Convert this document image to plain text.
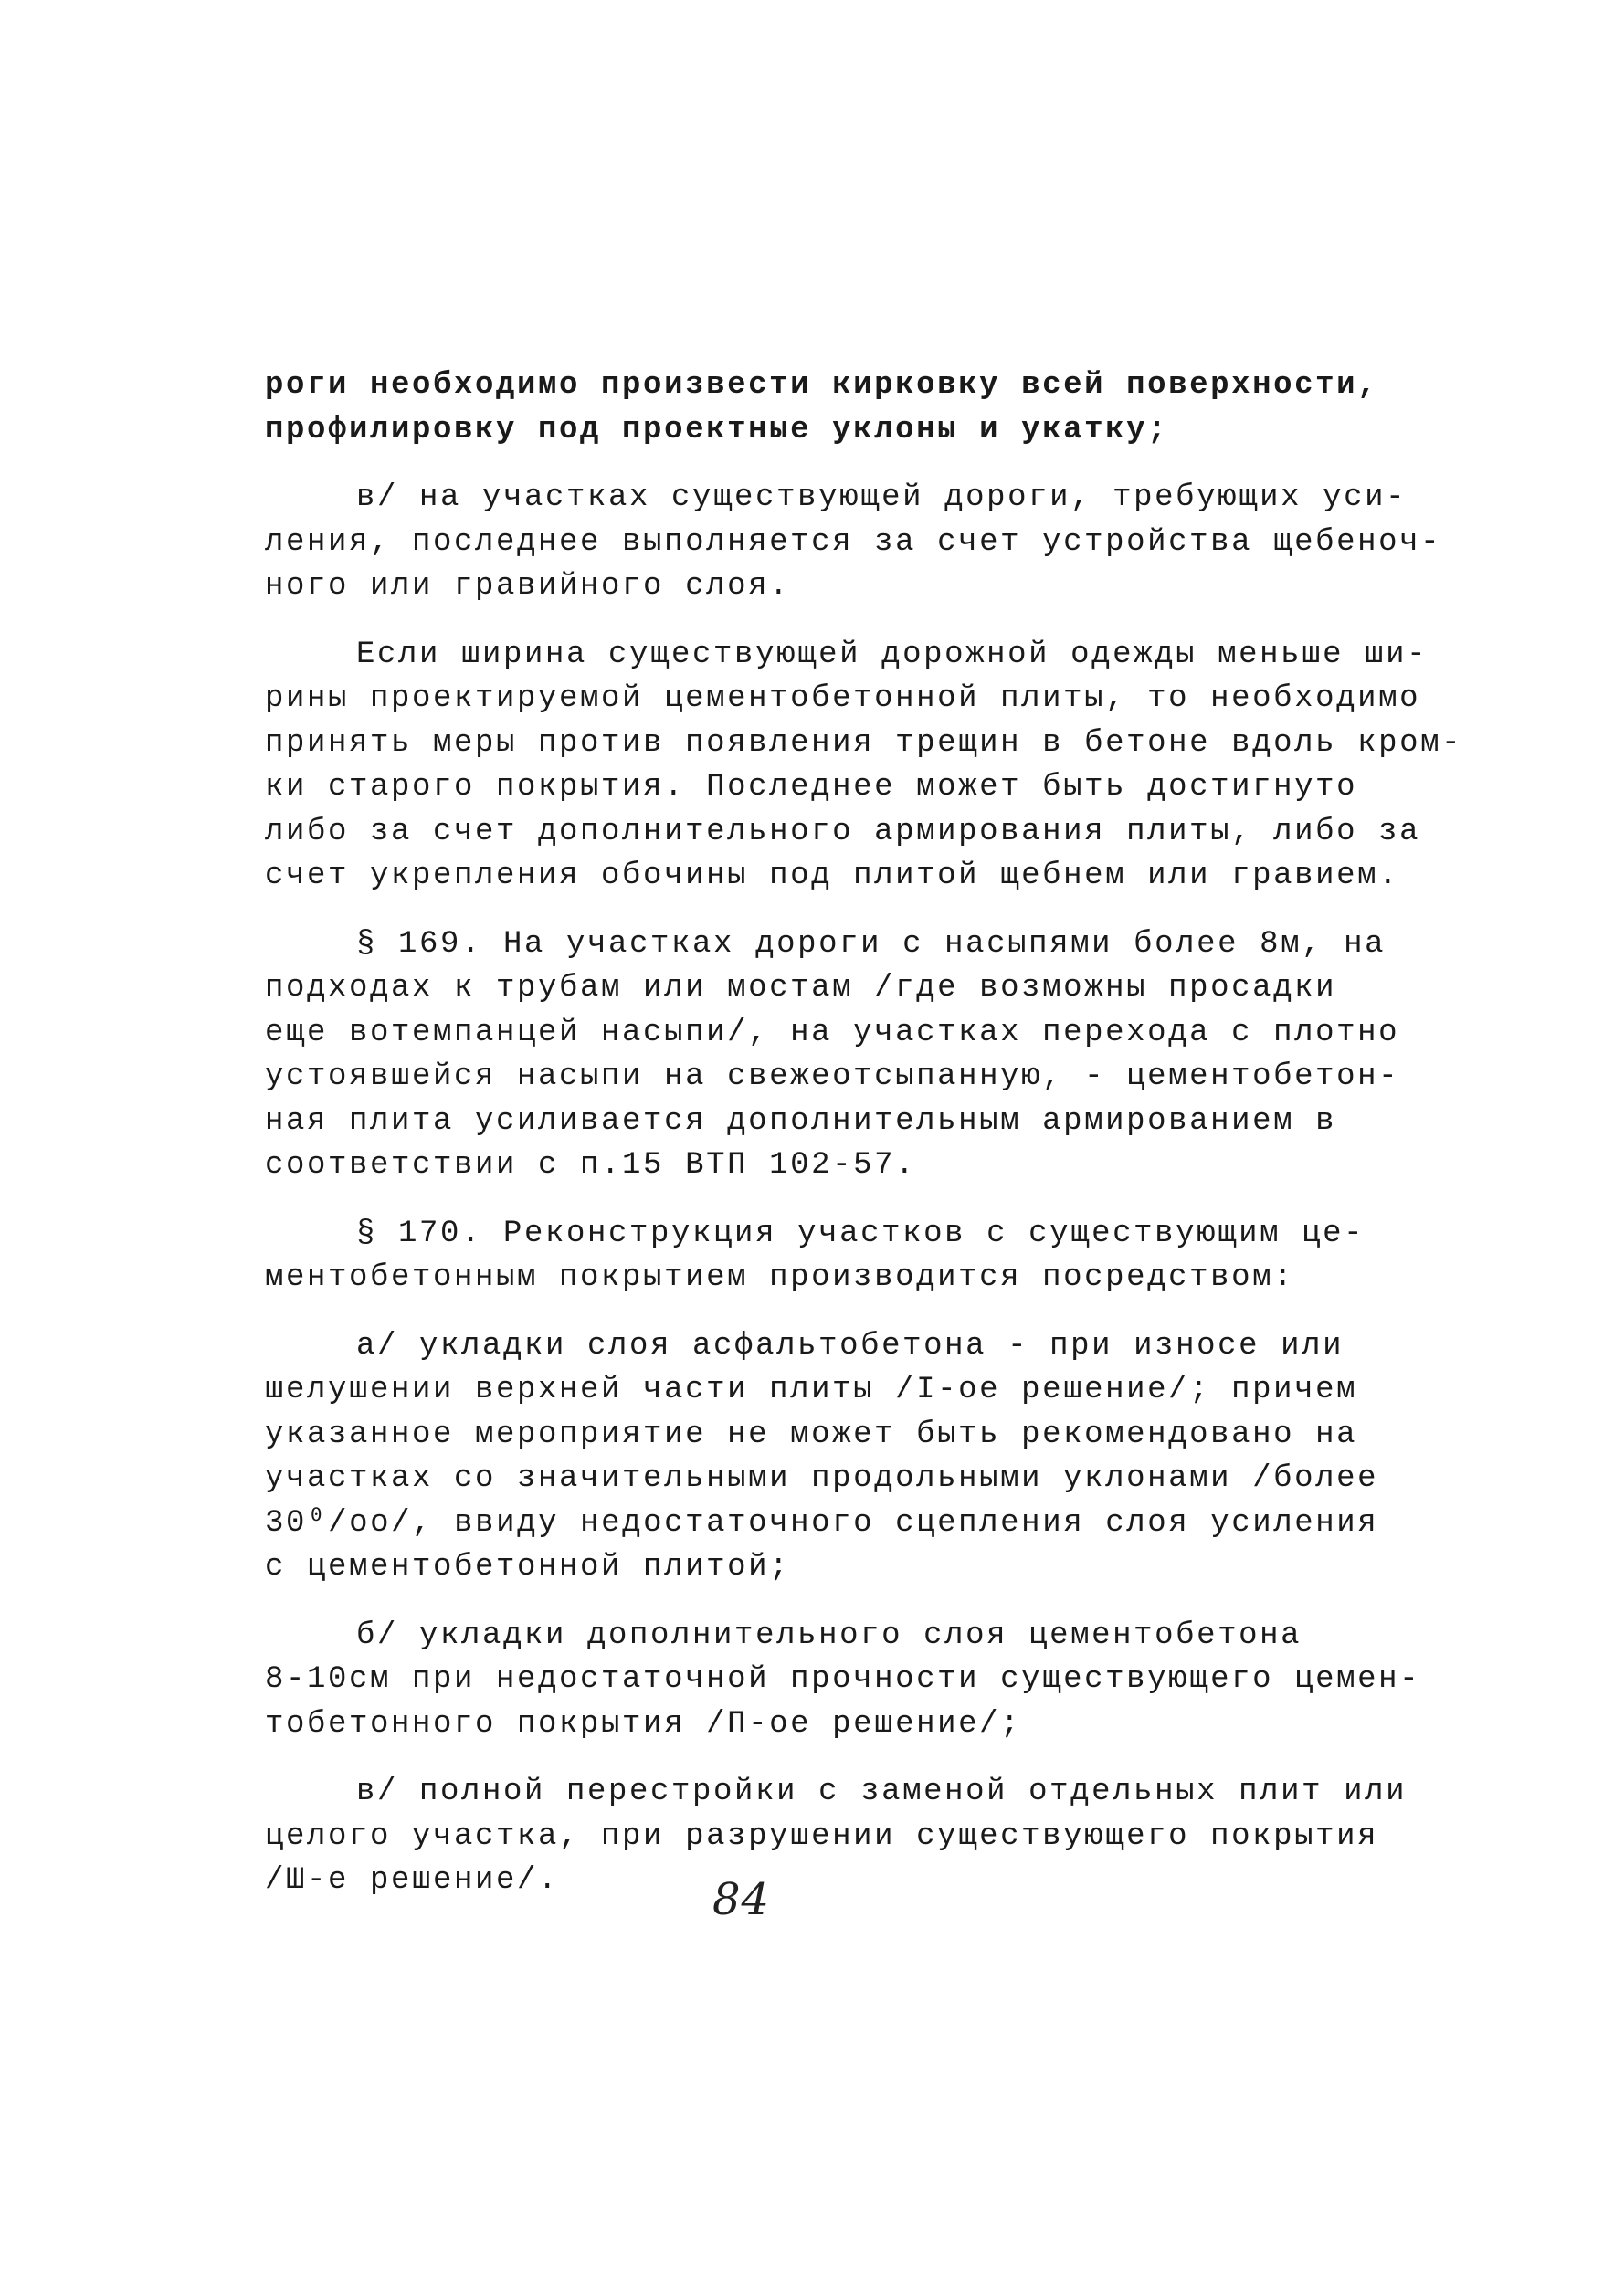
роги необходимо произвести кирковку всей поверхности,
профилировку под проектные уклоны и укатку;
в/ на участках существующей дороги, требующих уси-
ления, последнее выполняется за счет устройства щебеноч-
ного или гравийного слоя.
Если ширина существующей дорожной одежды меньше ши-
рины проектируемой цементобетонной плиты, то необходимо
принять меры против появления трещин в бетоне вдоль кром-
ки старого покрытия. Последнее может быть достигнуто
либо за счет дополнительного армирования плиты, либо за
счет укрепления обочины под плитой щебнем или гравием.
§ 169. На участках дороги с насыпями более 8м, на
подходах к трубам или мостам /где возможны просадки
еще вотемпанцей насыпи/, на участках перехода с плотно
устоявшейся насыпи на свежеотсыпанную, - цементобетон-
ная плита усиливается дополнительным армированием в
соответствии с п.15 ВТП 102-57.
§ 170. Реконструкция участков с существующим це-
ментобетонным покрытием производится посредством:
а/ укладки слоя асфальтобетона - при износе или
шелушении верхней части плиты /I-ое решение/; причем
указанное мероприятие не может быть рекомендовано на
участках со значительными продольными уклонами /более
30⁰/оо/, ввиду недостаточного сцепления слоя усиления
с цементобетонной плитой;
б/ укладки дополнительного слоя цементобетона
8-10см при недостаточной прочности существующего цемен-
тобетонного покрытия /П-ое решение/;
в/ полной перестройки с заменой отдельных плит или
целого участка, при разрушении существующего покрытия
/Ш-е решение/.	84
